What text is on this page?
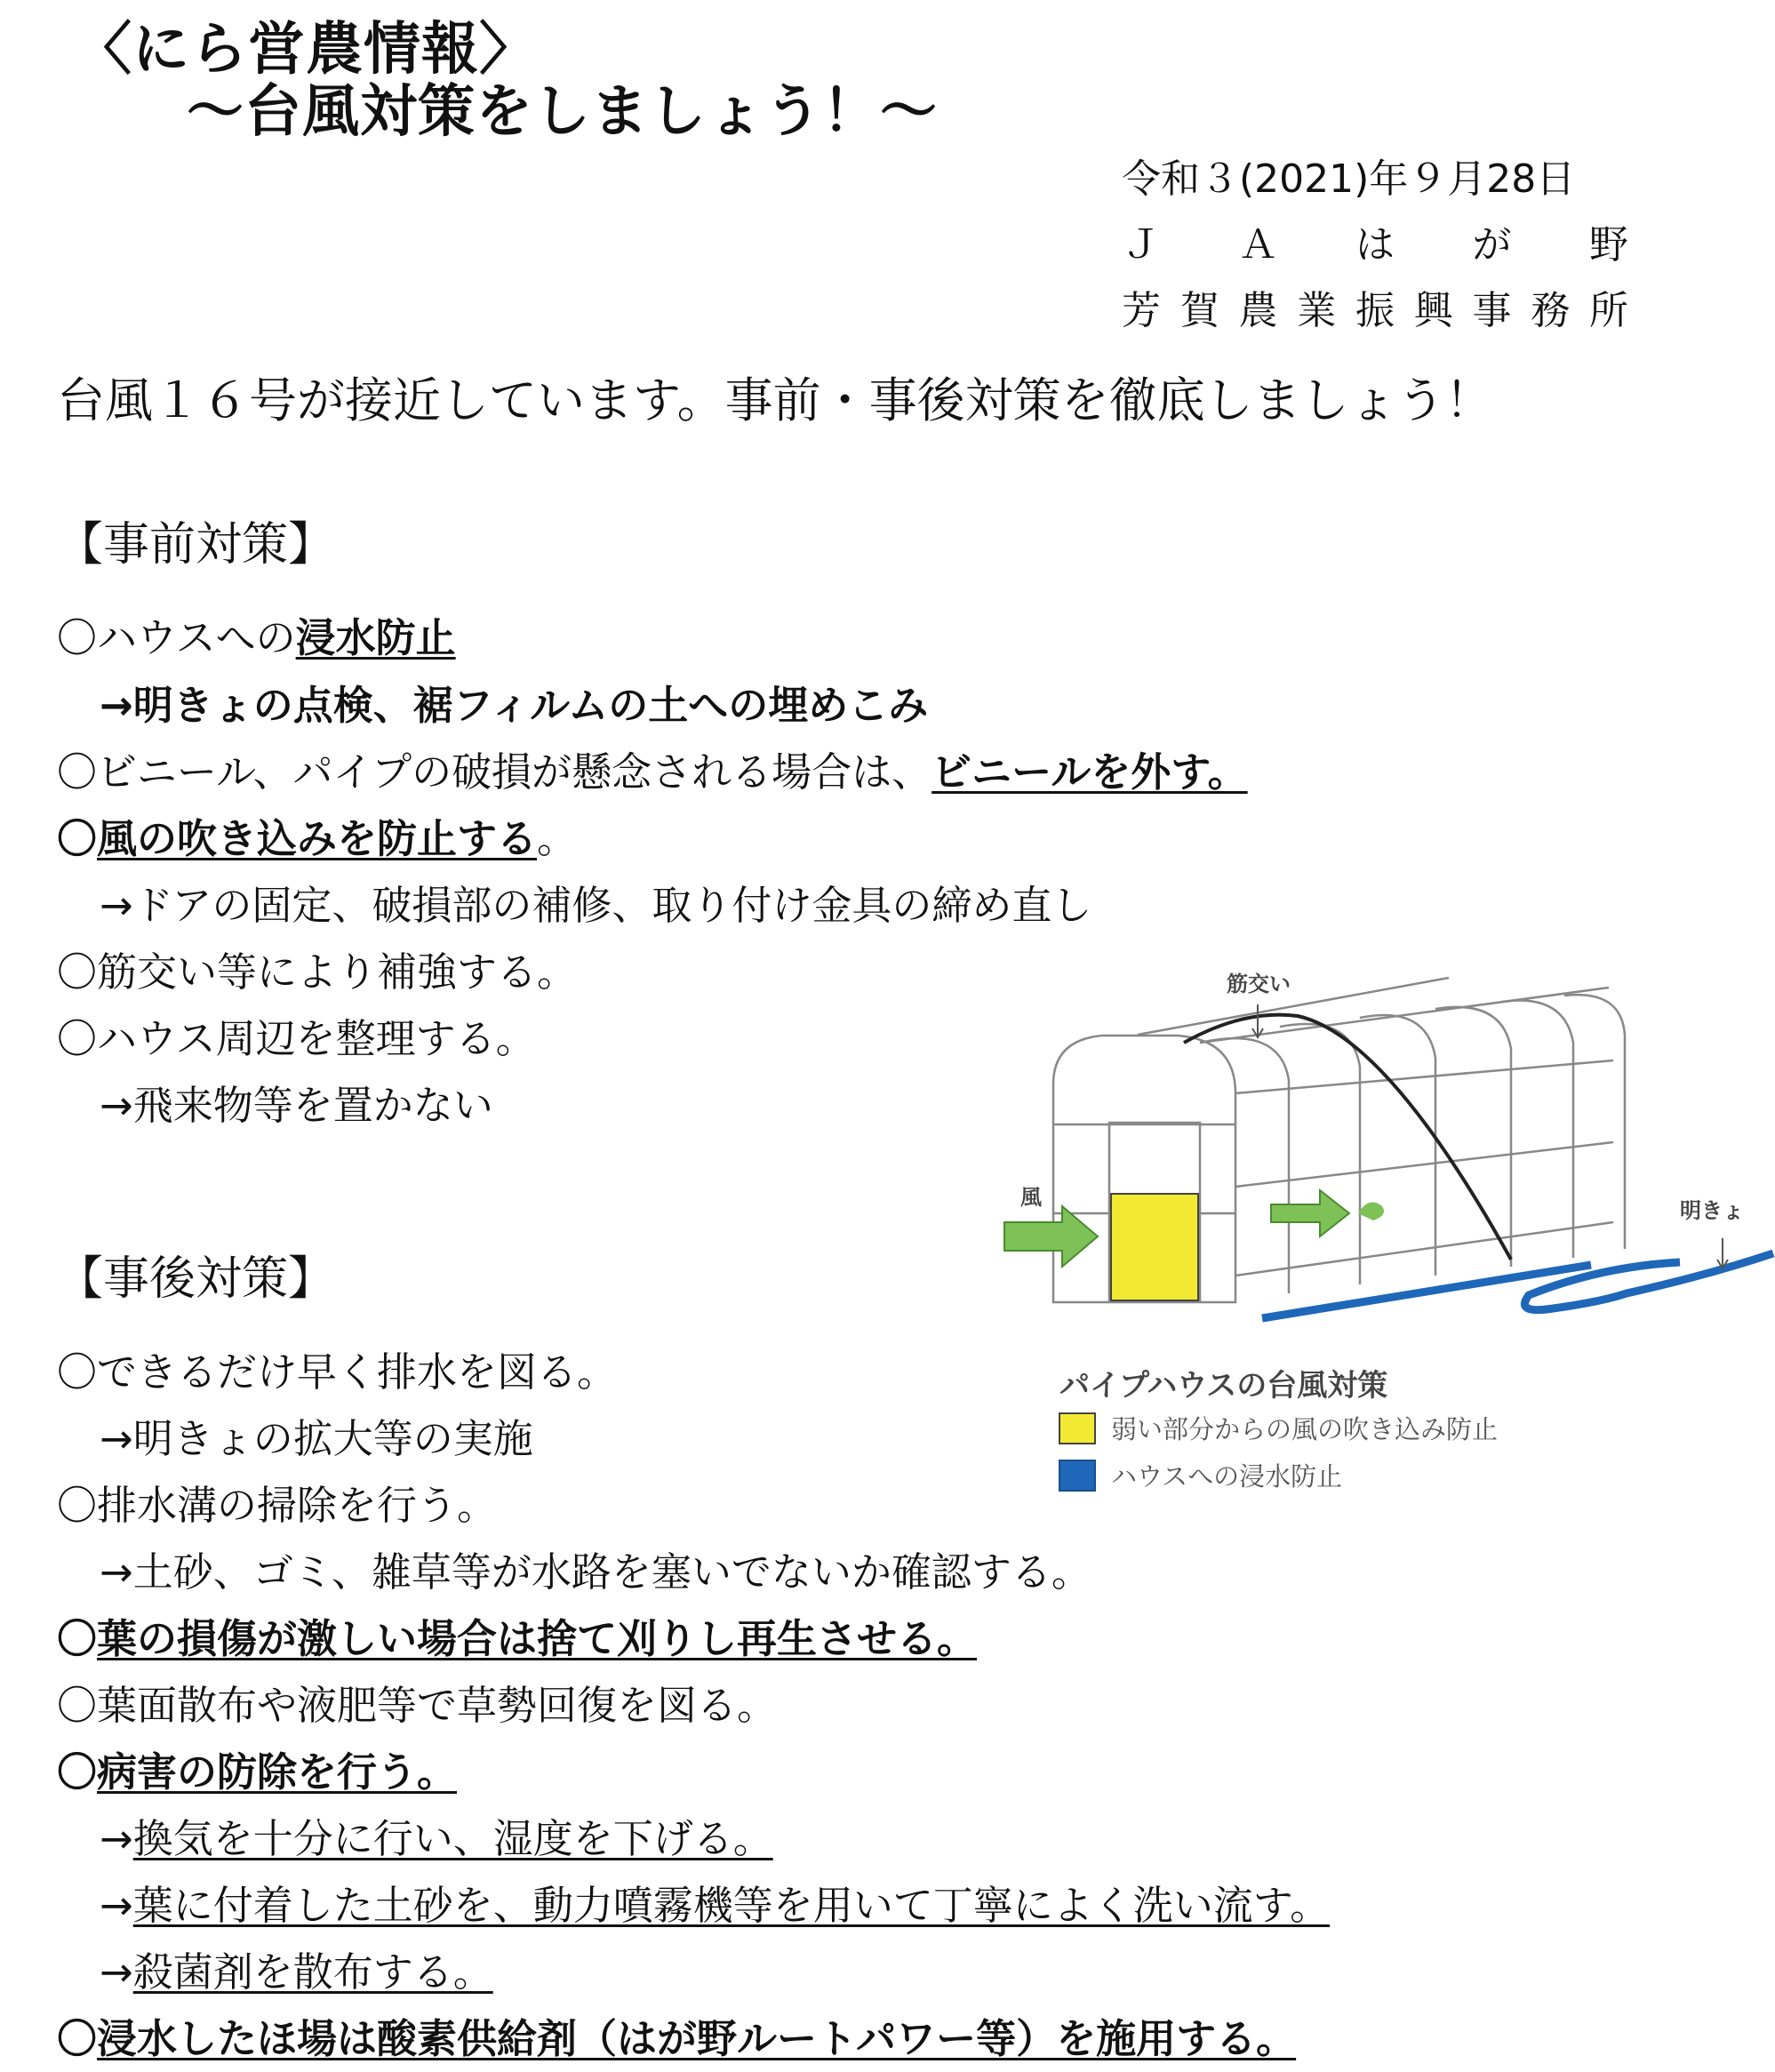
〈にら営農情報〉
～台風対策をしましょう！～
令和３(2021)年９月28日
Ｊ Ａ は が 野
芳 賀 農 業 振 興 事 務 所
台風１６号が接近しています。事前・事後対策を徹底しましょう！
【事前対策】
〇ハウスへの浸水防止
→明きょの点検、裾フィルムの土への埋めこみ
〇ビニール、パイプの破損が懸念される場合は、ビニールを外す。
〇風の吹き込みを防止する。
→ドアの固定、破損部の補修、取り付け金具の締め直し
〇筋交い等により補強する。
〇ハウス周辺を整理する。
→飛来物等を置かない
【事後対策】
〇できるだけ早く排水を図る。
→明きょの拡大等の実施
〇排水溝の掃除を行う。
→土砂、ゴミ、雑草等が水路を塞いでないか確認する。
〇葉の損傷が激しい場合は捨て刈りし再生させる。
〇葉面散布や液肥等で草勢回復を図る。
〇病害の防除を行う。
→換気を十分に行い、湿度を下げる。
→葉に付着した土砂を、動力噴霧機等を用いて丁寧によく洗い流す。
→殺菌剤を散布する。
〇浸水したほ場は酸素供給剤（はが野ルートパワー等）を施用する。
筋交い
風
明きょ
パイプハウスの台風対策
弱い部分からの風の吹き込み防止
ハウスへの浸水防止
